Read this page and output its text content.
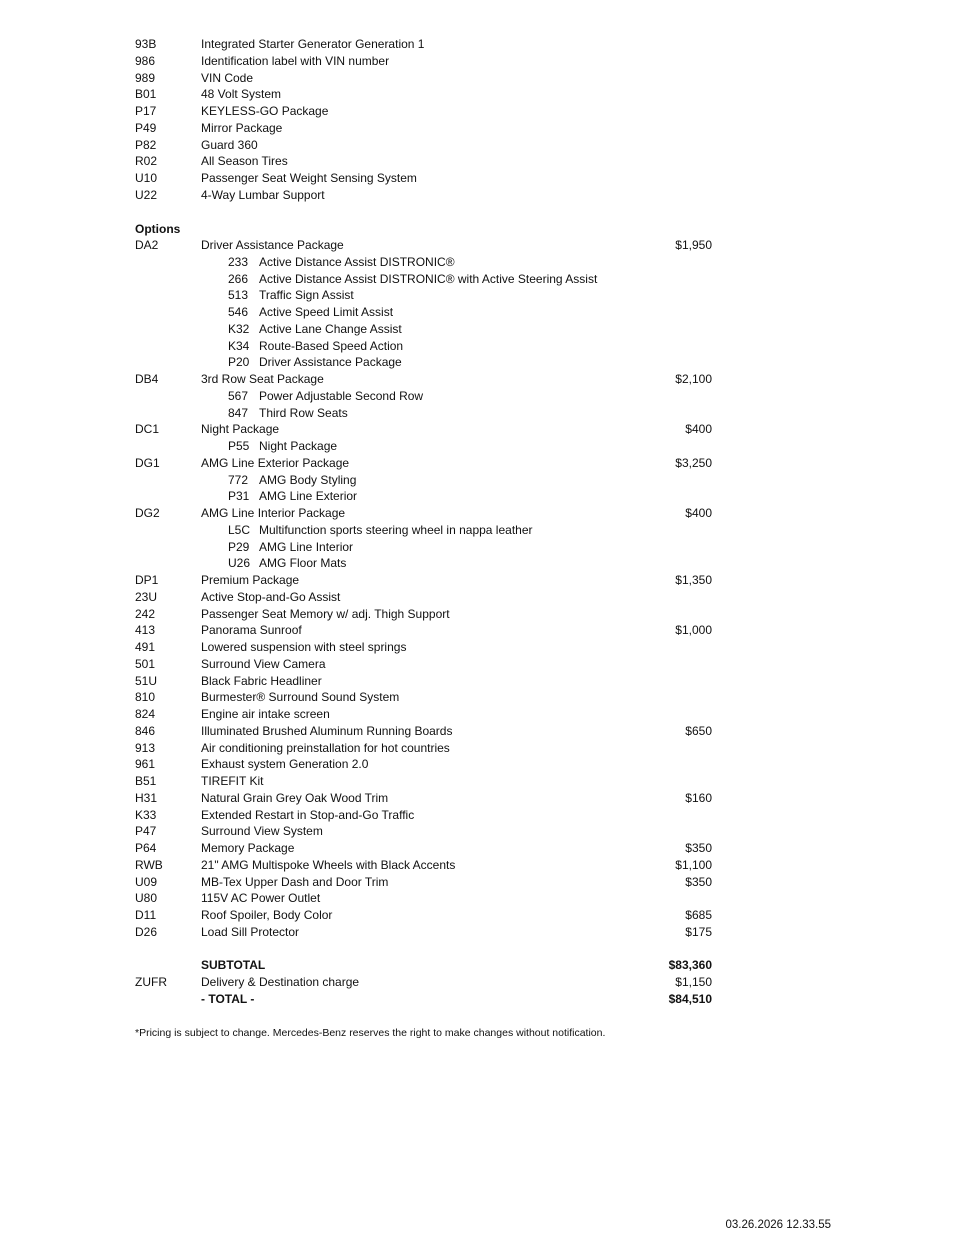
93B	Integrated Starter Generator Generation 1
986	Identification label with VIN number
989	VIN Code
B01	48 Volt System
P17	KEYLESS-GO Package
P49	Mirror Package
P82	Guard 360
R02	All Season Tires
U10	Passenger Seat Weight Sensing System
U22	4-Way Lumbar Support
Options
DA2	Driver Assistance Package	$1,950
233 Active Distance Assist DISTRONIC®
266 Active Distance Assist DISTRONIC® with Active Steering Assist
513 Traffic Sign Assist
546 Active Speed Limit Assist
K32 Active Lane Change Assist
K34 Route-Based Speed Action
P20 Driver Assistance Package
DB4	3rd Row Seat Package	$2,100
567 Power Adjustable Second Row
847 Third Row Seats
DC1	Night Package	$400
P55 Night Package
DG1	AMG Line Exterior Package	$3,250
772 AMG Body Styling
P31 AMG Line Exterior
DG2	AMG Line Interior Package	$400
L5C Multifunction sports steering wheel in nappa leather
P29 AMG Line Interior
U26 AMG Floor Mats
DP1	Premium Package	$1,350
23U	Active Stop-and-Go Assist
242	Passenger Seat Memory w/ adj. Thigh Support
413	Panorama Sunroof	$1,000
491	Lowered suspension with steel springs
501	Surround View Camera
51U	Black Fabric Headliner
810	Burmester® Surround Sound System
824	Engine air intake screen
846	Illuminated Brushed Aluminum Running Boards	$650
913	Air conditioning preinstallation for hot countries
961	Exhaust system Generation 2.0
B51	TIREFIT Kit
H31	Natural Grain Grey Oak Wood Trim	$160
K33	Extended Restart in Stop-and-Go Traffic
P47	Surround View System
P64	Memory Package	$350
RWB	21" AMG Multispoke Wheels with Black Accents	$1,100
U09	MB-Tex Upper Dash and Door Trim	$350
U80	115V AC Power Outlet
D11	Roof Spoiler, Body Color	$685
D26	Load Sill Protector	$175
SUBTOTAL	$83,360
ZUFR	Delivery & Destination charge	$1,150
- TOTAL -	$84,510
*Pricing is subject to change. Mercedes-Benz reserves the right to make changes without notification.
03.26.2026 12.33.55
